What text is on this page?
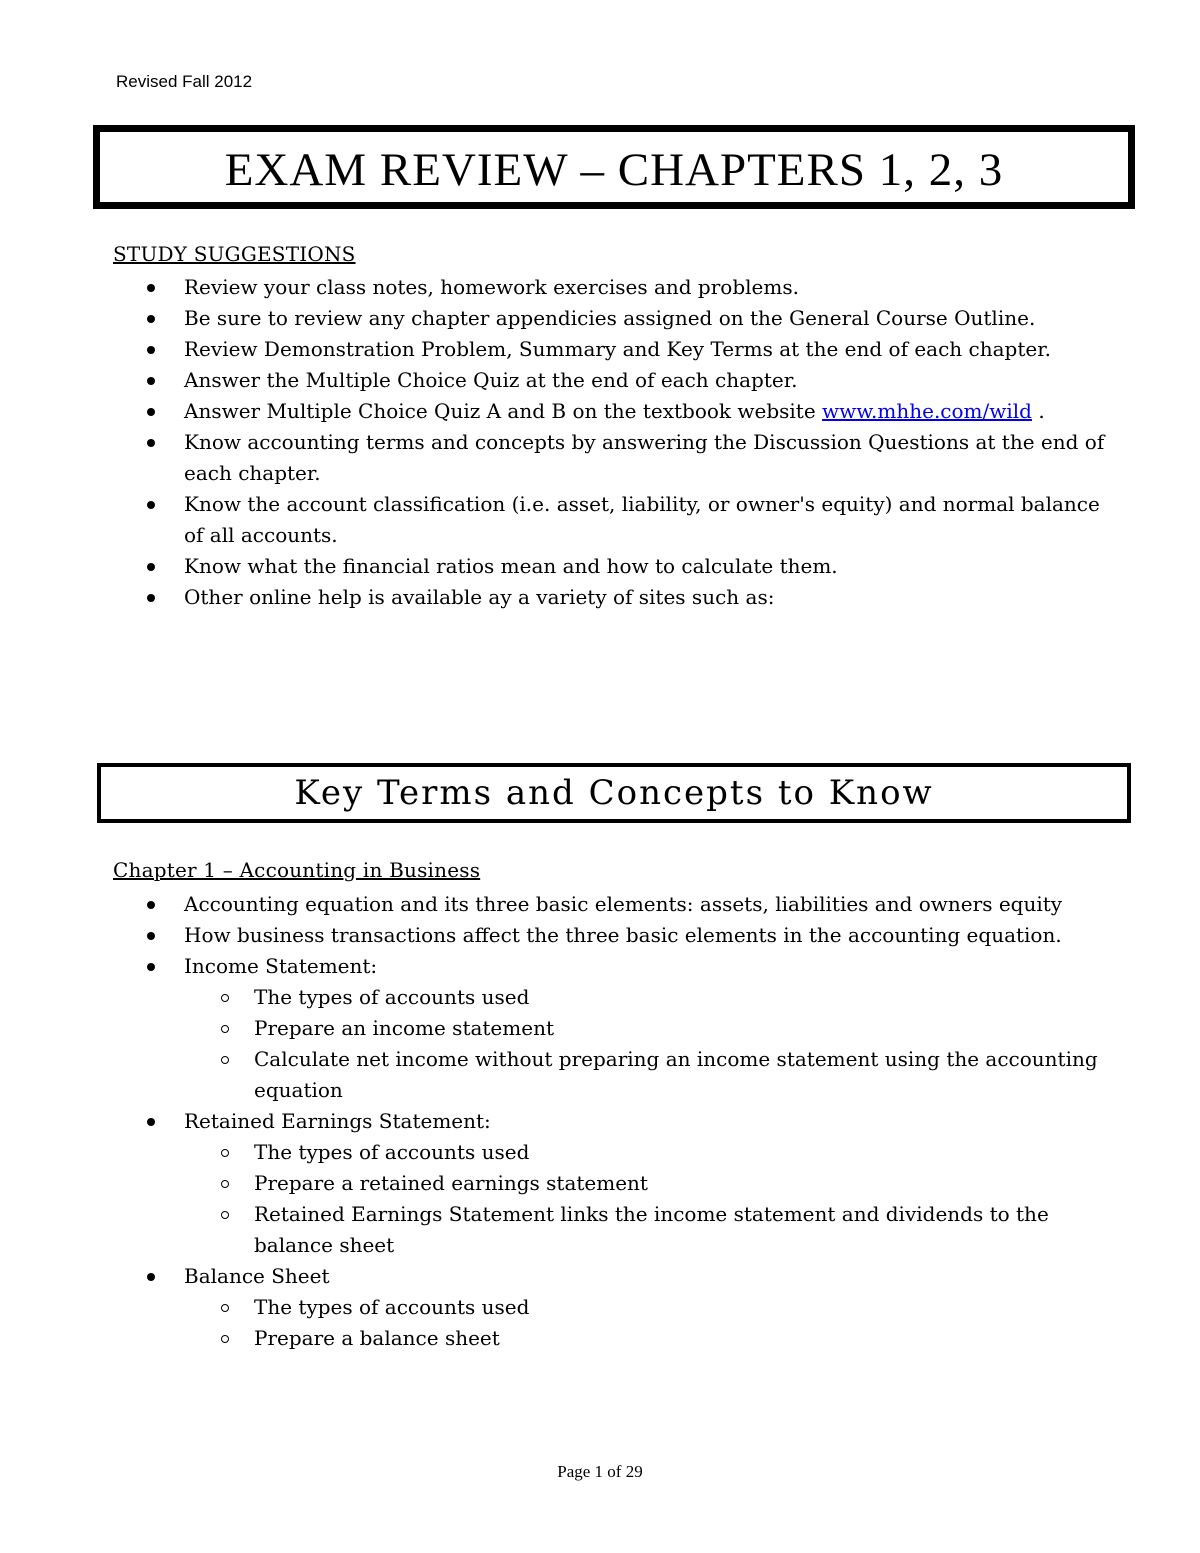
Revised Fall 2012
EXAM REVIEW – CHAPTERS 1, 2, 3
STUDY SUGGESTIONS
Review your class notes, homework exercises and problems.
Be sure to review any chapter appendicies assigned on the General Course Outline.
Review Demonstration Problem, Summary and Key Terms at the end of each chapter.
Answer the Multiple Choice Quiz at the end of each chapter.
Answer Multiple Choice Quiz A and B on the textbook website www.mhhe.com/wild .
Know accounting terms and concepts by answering the Discussion Questions at the end of each chapter.
Know the account classification (i.e. asset, liability, or owner's equity) and normal balance of all accounts.
Know what the financial ratios mean and how to calculate them.
Other online help is available ay a variety of sites such as:
Key Terms and Concepts to Know
Chapter 1 – Accounting in Business
Accounting equation and its three basic elements: assets, liabilities and owners equity
How business transactions affect the three basic elements in the accounting equation.
Income Statement:
The types of accounts used
Prepare an income statement
Calculate net income without preparing an income statement using the accounting equation
Retained Earnings Statement:
The types of accounts used
Prepare a retained earnings statement
Retained Earnings Statement links the income statement and dividends to the balance sheet
Balance Sheet
The types of accounts used
Prepare a balance sheet
Page 1 of 29
